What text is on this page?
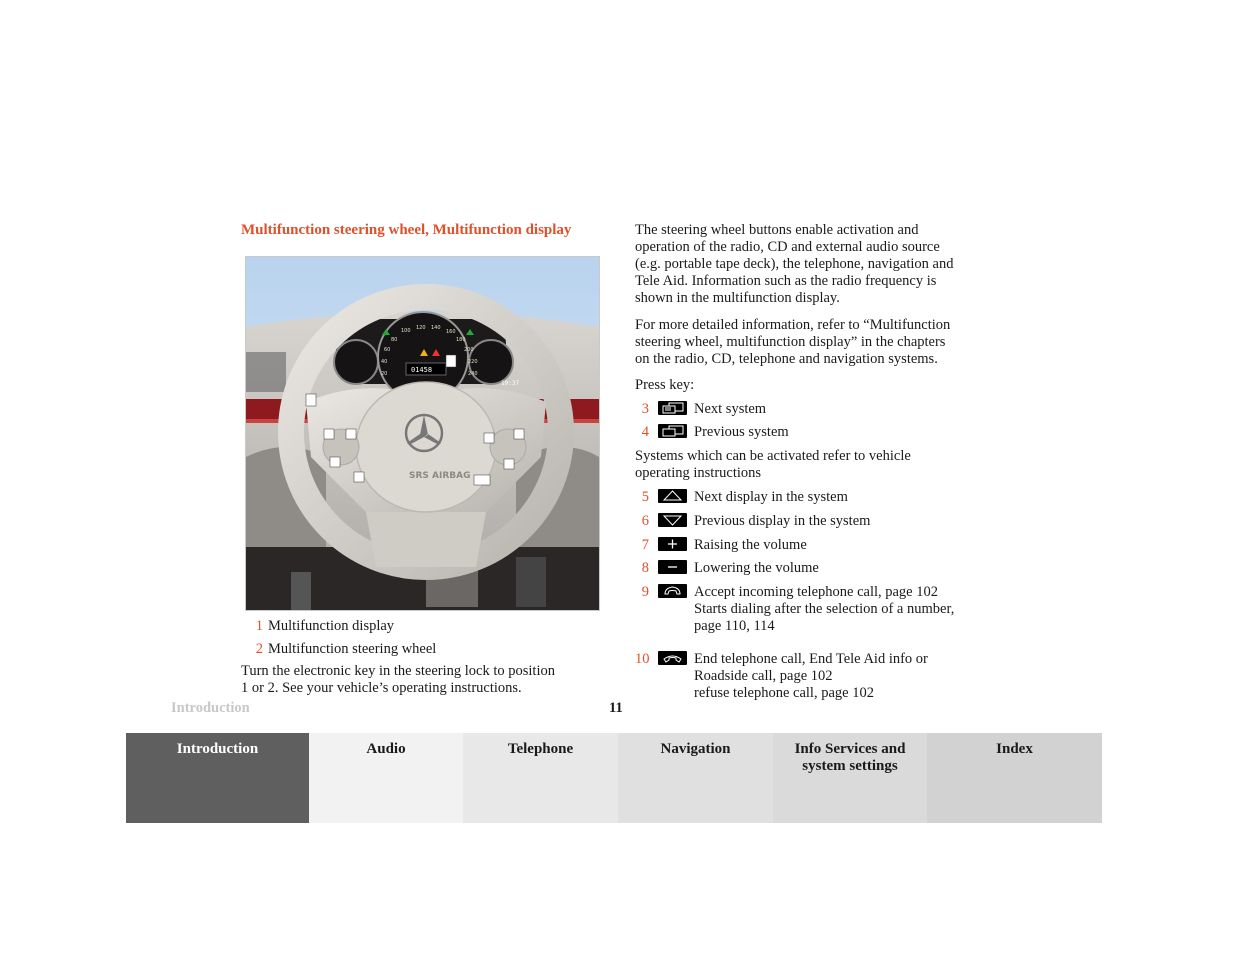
Multifunction steering wheel, Multifunction display
100 120 140
160
80
60
40
20
180
200
220
240
01458
19:37
SRS AIRBAG
1 Multifunction display
2 Multifunction steering wheel
Turn the electronic key in the steering lock to position
1 or 2. See your vehicle’s operating instructions.
The steering wheel buttons enable activation and
operation of the radio, CD and external audio source
(e.g. portable tape deck), the telephone, navigation and
Tele Aid. Information such as the radio frequency is
shown in the multifunction display.
For more detailed information, refer to “Multifunction
steering wheel, multifunction display” in the chapters
on the radio, CD, telephone and navigation systems.
Press key:
3	Next system
4	Previous system
Systems which can be activated refer to vehicle
operating instructions
5	Next display in the system
6	Previous display in the system
7	Raising the volume
8	Lowering the volume
9	Accept incoming telephone call, page 102
Starts dialing after the selection of a number,
page 110, 114
10	End telephone call, End Tele Aid info or
Roadside call, page 102
refuse telephone call, page 102
Introduction	11
Introduction	Audio	Telephone	Navigation	Info Services and
system settings
Index
